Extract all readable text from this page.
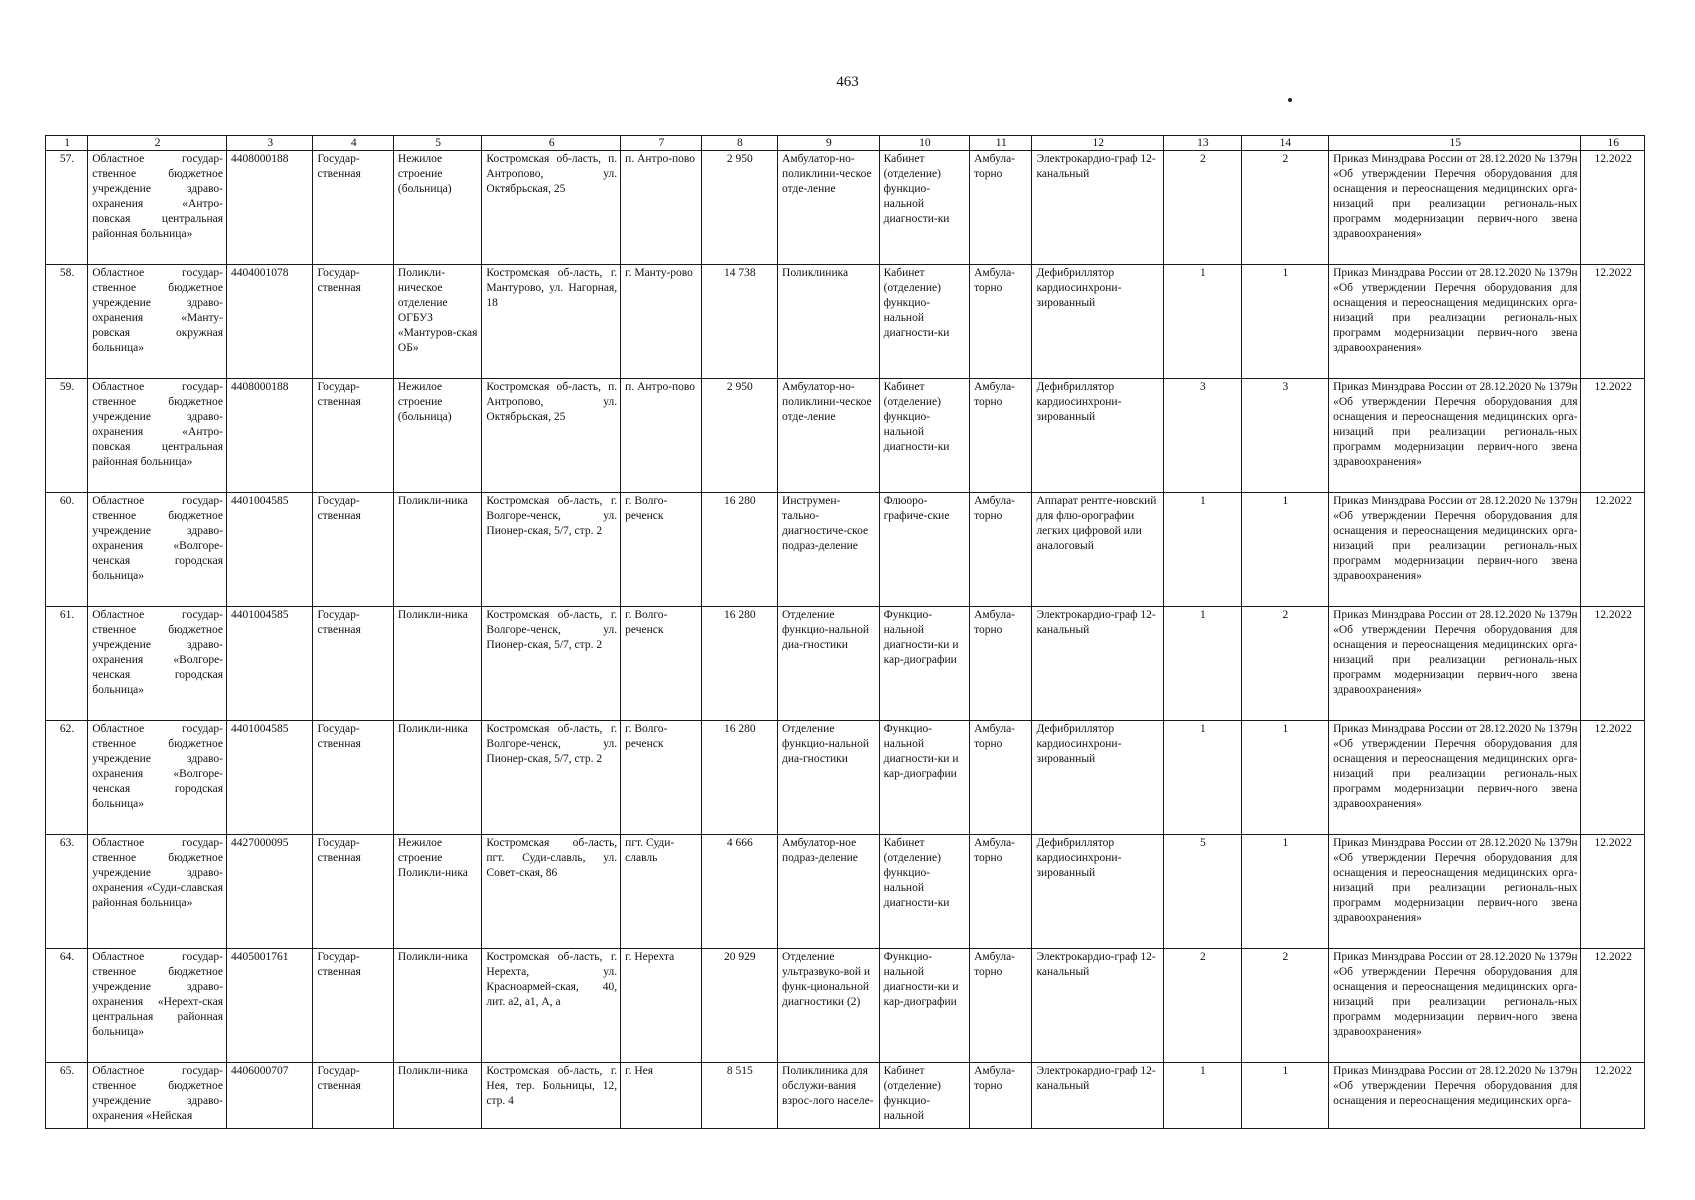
463
1	2	3	4	5	6	7	8	9	10	11	12	13	14	15	16
57.	Областное государ-ственное бюджетное учреждение здраво-охранения «Антро-повская центральная районная больница»	4408000188	Государ-ственная	Нежилое строение (больница)	Костромская об-ласть, п. Антропово, ул. Октябрьская, 25	п. Антро-пово	2 950	Амбулатор-но-поликлини-ческое отде-ление	Кабинет (отделение) функцио-нальной диагности-ки	Амбула-торно	Электрокардио-граф 12-канальный	2	2	Приказ Минздрава России от 28.12.2020 № 1379н «Об утверждении Перечня оборудования для оснащения и переоснащения медицинских орга-низаций при реализации региональ-ных программ модернизации первич-ного звена здравоохранения»	12.2022
58.	Областное государ-ственное бюджетное учреждение здраво-охранения «Манту-ровская окружная больница»	4404001078	Государ-ственная	Поликли-ническое отделение ОГБУЗ «Мантуров-ская ОБ»	Костромская об-ласть, г. Мантурово, ул. Нагорная, 18	г. Манту-рово	14 738	Поликлиника	Кабинет (отделение) функцио-нальной диагности-ки	Амбула-торно	Дефибриллятор кардиосинхрони-зированный	1	1	Приказ Минздрава России от 28.12.2020 № 1379н «Об утверждении Перечня оборудования для оснащения и переоснащения медицинских орга-низаций при реализации региональ-ных программ модернизации первич-ного звена здравоохранения»	12.2022
59.	Областное государ-ственное бюджетное учреждение здраво-охранения «Антро-повская центральная районная больница»	4408000188	Государ-ственная	Нежилое строение (больница)	Костромская об-ласть, п. Антропово, ул. Октябрьская, 25	п. Антро-пово	2 950	Амбулатор-но-поликлини-ческое отде-ление	Кабинет (отделение) функцио-нальной диагности-ки	Амбула-торно	Дефибриллятор кардиосинхрони-зированный	3	3	Приказ Минздрава России от 28.12.2020 № 1379н «Об утверждении Перечня оборудования для оснащения и переоснащения медицинских орга-низаций при реализации региональ-ных программ модернизации первич-ного звена здравоохранения»	12.2022
60.	Областное государ-ственное бюджетное учреждение здраво-охранения «Волгоре-ченская городская больница»	4401004585	Государ-ственная	Поликли-ника	Костромская об-ласть, г. Волгоре-ченск, ул. Пионер-ская, 5/7, стр. 2	г. Волго-реченск	16 280	Инструмен-тально-диагностиче-ское подраз-деление	Флюоро-графиче-ские	Амбула-торно	Аппарат рентге-новский для флю-орографии легких цифровой или аналоговый	1	1	Приказ Минздрава России от 28.12.2020 № 1379н «Об утверждении Перечня оборудования для оснащения и переоснащения медицинских орга-низаций при реализации региональ-ных программ модернизации первич-ного звена здравоохранения»	12.2022
61.	Областное государ-ственное бюджетное учреждение здраво-охранения «Волгоре-ченская городская больница»	4401004585	Государ-ственная	Поликли-ника	Костромская об-ласть, г. Волгоре-ченск, ул. Пионер-ская, 5/7, стр. 2	г. Волго-реченск	16 280	Отделение функцио-нальной диа-гностики	Функцио-нальной диагности-ки и кар-диографии	Амбула-торно	Электрокардио-граф 12-канальный	1	2	Приказ Минздрава России от 28.12.2020 № 1379н «Об утверждении Перечня оборудования для оснащения и переоснащения медицинских орга-низаций при реализации региональ-ных программ модернизации первич-ного звена здравоохранения»	12.2022
62.	Областное государ-ственное бюджетное учреждение здраво-охранения «Волгоре-ченская городская больница»	4401004585	Государ-ственная	Поликли-ника	Костромская об-ласть, г. Волгоре-ченск, ул. Пионер-ская, 5/7, стр. 2	г. Волго-реченск	16 280	Отделение функцио-нальной диа-гностики	Функцио-нальной диагности-ки и кар-диографии	Амбула-торно	Дефибриллятор кардиосинхрони-зированный	1	1	Приказ Минздрава России от 28.12.2020 № 1379н «Об утверждении Перечня оборудования для оснащения и переоснащения медицинских орга-низаций при реализации региональ-ных программ модернизации первич-ного звена здравоохранения»	12.2022
63.	Областное государ-ственное бюджетное учреждение здраво-охранения «Суди-славская районная больница»	4427000095	Государ-ственная	Нежилое строение Поликли-ника	Костромская об-ласть, пгт. Суди-славль, ул. Совет-ская, 86	пгт. Суди-славль	4 666	Амбулатор-ное подраз-деление	Кабинет (отделение) функцио-нальной диагности-ки	Амбула-торно	Дефибриллятор кардиосинхрони-зированный	5	1	Приказ Минздрава России от 28.12.2020 № 1379н «Об утверждении Перечня оборудования для оснащения и переоснащения медицинских орга-низаций при реализации региональ-ных программ модернизации первич-ного звена здравоохранения»	12.2022
64.	Областное государ-ственное бюджетное учреждение здраво-охранения «Нерехт-ская центральная районная больница»	4405001761	Государ-ственная	Поликли-ника	Костромская об-ласть, г. Нерехта, ул. Красноармей-ская, 40, лит. а2, а1, А, а	г. Нерехта	20 929	Отделение ультразвуко-вой и функ-циональной диагностики (2)	Функцио-нальной диагности-ки и кар-диографии	Амбула-торно	Электрокардио-граф 12-канальный	2	2	Приказ Минздрава России от 28.12.2020 № 1379н «Об утверждении Перечня оборудования для оснащения и переоснащения медицинских орга-низаций при реализации региональ-ных программ модернизации первич-ного звена здравоохранения»	12.2022
65.	Областное государ-ственное бюджетное учреждение здраво-охранения «Нейская	4406000707	Государ-ственная	Поликли-ника	Костромская об-ласть, г. Нея, тер. Больницы, 12, стр. 4	г. Нея	8 515	Поликлиника для обслужи-вания взрос-лого населе-	Кабинет (отделение) функцио-нальной	Амбула-торно	Электрокардио-граф 12-канальный	1	1	Приказ Минздрава России от 28.12.2020 № 1379н «Об утверждении Перечня оборудования для оснащения и переоснащения медицинских орга-	12.2022
